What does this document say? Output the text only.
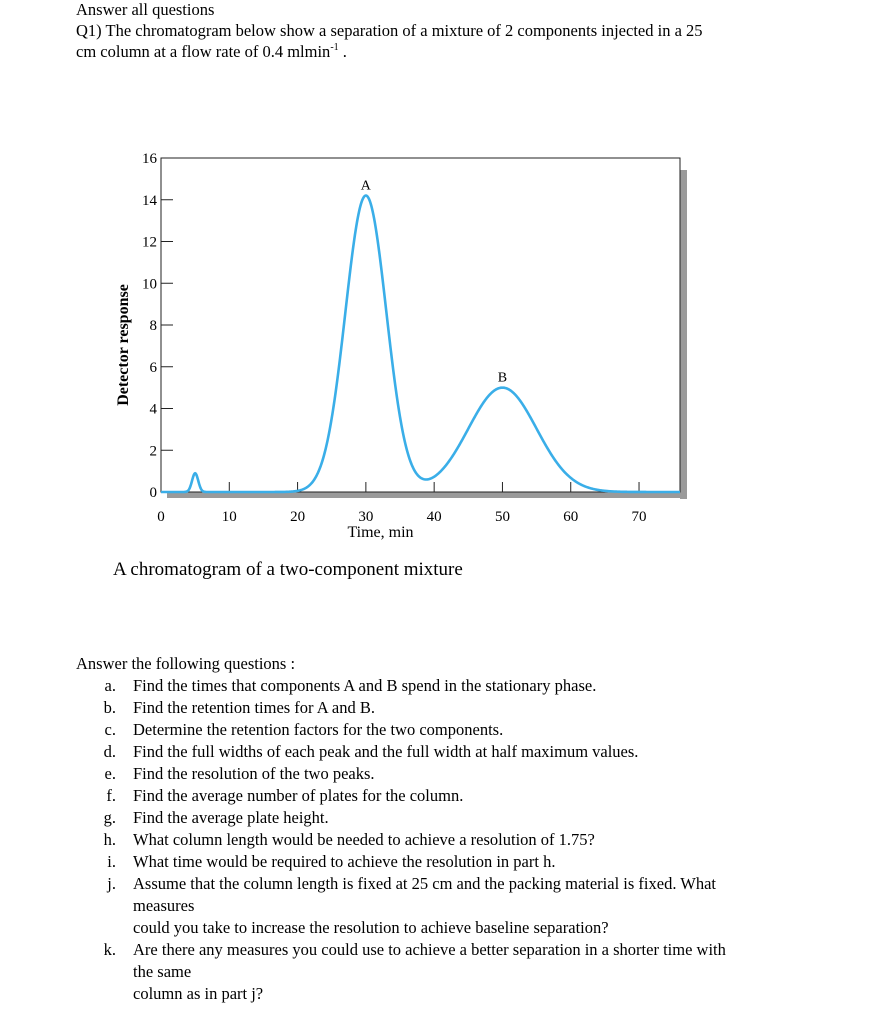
Answer all questions
Q1) The chromatogram below show a separation of a mixture of 2 components injected in a 25
cm column at a flow rate of 0.4 mlmin$^{-1}$ .
0
2
4
6
8
10
12
14
16
0	10	20	30	40	50	60	70
Time, min
Detector response
A
B
A chromatogram of a two-component mixture
Answer the following questions :
a. Find the times that components A and B spend in the stationary phase.
b. Find the retention times for A and B.
c. Determine the retention factors for the two components.
d. Find the full widths of each peak and the full width at half maximum values.
e. Find the resolution of the two peaks.
f. Find the average number of plates for the column.
g. Find the average plate height.
h. What column length would be needed to achieve a resolution of 1.75?
i. What time would be required to achieve the resolution in part h.
j. Assume that the column length is fixed at 25 cm and the packing material is fixed. What
measures
could you take to increase the resolution to achieve baseline separation?
k. Are there any measures you could use to achieve a better separation in a shorter time with
the same
column as in part j?
